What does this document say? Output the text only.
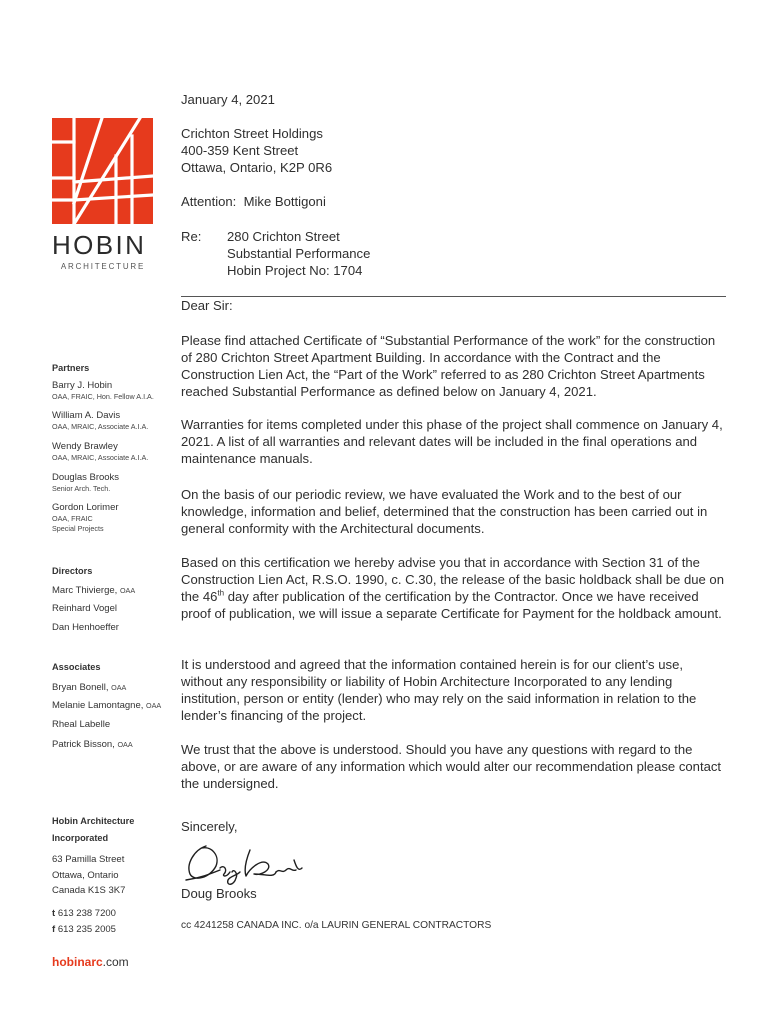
HOBIN
ARCHITECTURE
Partners
Barry J. Hobin
OAA, FRAIC, Hon. Fellow A.I.A.
William A. Davis
OAA, MRAIC, Associate A.I.A.
Wendy Brawley
OAA, MRAIC, Associate A.I.A.
Douglas Brooks
Senior Arch. Tech.
Gordon Lorimer
OAA, FRAIC
Special Projects
Directors
Marc Thivierge, OAA
Reinhard Vogel
Dan Henhoeffer
Associates
Bryan Bonell, OAA
Melanie Lamontagne, OAA
Rheal Labelle
Patrick Bisson, OAA
Hobin Architecture
Incorporated
63 Pamilla Street
Ottawa, Ontario
Canada K1S 3K7
t 613 238 7200
f 613 235 2005
hobinarc.com
January 4, 2021
Crichton Street Holdings
400-359 Kent Street
Ottawa, Ontario, K2P 0R6
Attention: Mike Bottigoni
Re: 280 Crichton Street
Substantial Performance
Hobin Project No: 1704
Dear Sir:
Please find attached Certificate of “Substantial Performance of the work” for the construction of 280 Crichton Street Apartment Building. In accordance with the Contract and the Construction Lien Act, the “Part of the Work” referred to as 280 Crichton Street Apartments reached Substantial Performance as defined below on January 4, 2021.
Warranties for items completed under this phase of the project shall commence on January 4, 2021. A list of all warranties and relevant dates will be included in the final operations and maintenance manuals.
On the basis of our periodic review, we have evaluated the Work and to the best of our knowledge, information and belief, determined that the construction has been carried out in general conformity with the Architectural documents.
Based on this certification we hereby advise you that in accordance with Section 31 of the Construction Lien Act, R.S.O. 1990, c. C.30, the release of the basic holdback shall be due on the 46th day after publication of the certification by the Contractor. Once we have received proof of publication, we will issue a separate Certificate for Payment for the holdback amount.
It is understood and agreed that the information contained herein is for our client’s use, without any responsibility or liability of Hobin Architecture Incorporated to any lending institution, person or entity (lender) who may rely on the said information in relation to the lender’s financing of the project.
We trust that the above is understood. Should you have any questions with regard to the above, or are aware of any information which would alter our recommendation please contact the undersigned.
Sincerely,
Doug Brooks
cc 4241258 CANADA INC. o/a LAURIN GENERAL CONTRACTORS
